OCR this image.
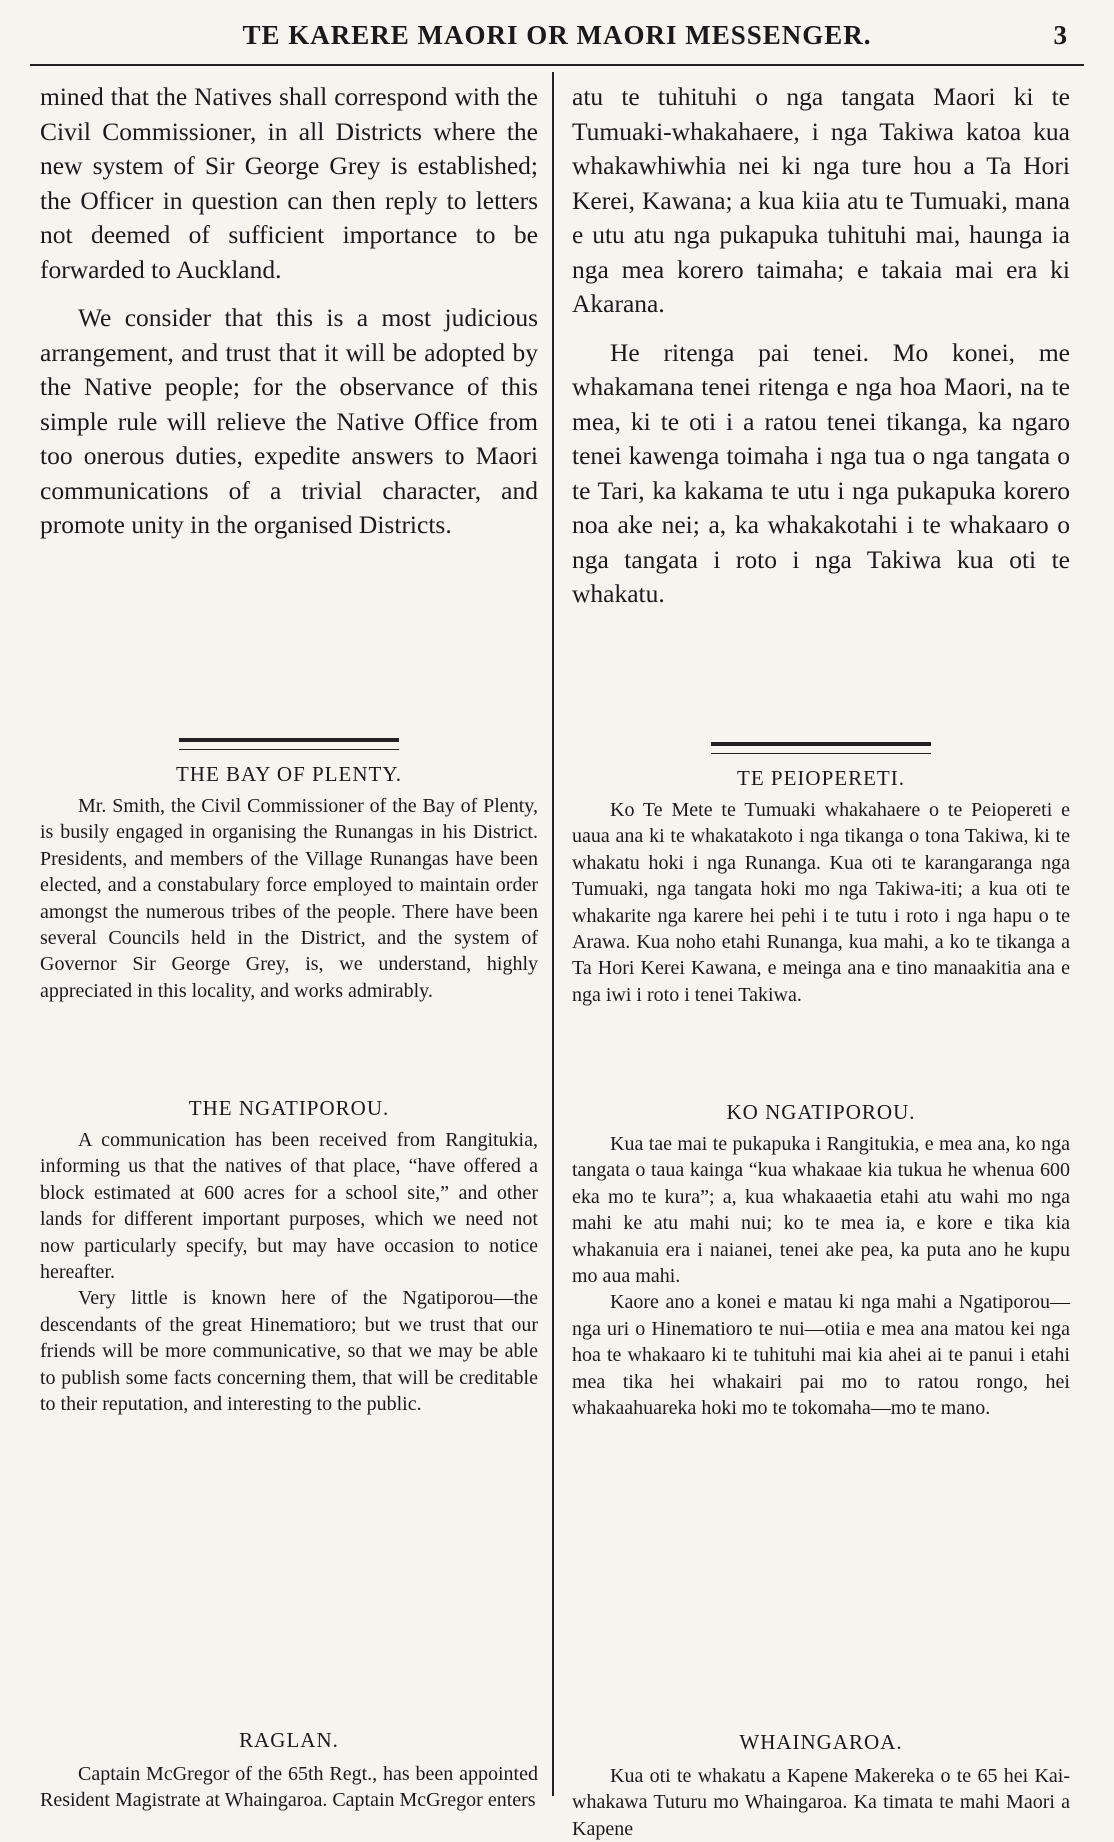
TE KARERE MAORI OR MAORI MESSENGER.	3

mined that the Natives shall correspond with the Civil Commissioner, in all Districts where the new system of Sir George Grey is established; the Officer in question can then reply to letters not deemed of sufficient importance to be forwarded to Auckland.

We consider that this is a most judicious arrangement, and trust that it will be adopted by the Native people; for the observance of this simple rule will relieve the Native Office from too onerous duties, expedite answers to Maori communications of a trivial character, and promote unity in the organised Districts.

THE BAY OF PLENTY.

Mr. Smith, the Civil Commissioner of the Bay of Plenty, is busily engaged in organising the Runangas in his District. Presidents, and members of the Village Runangas have been elected, and a constabulary force employed to maintain order amongst the numerous tribes of the people. There have been several Councils held in the District, and the system of Governor Sir George Grey, is, we understand, highly appreciated in this locality, and works admirably.

THE NGATIPOROU.

A communication has been received from Rangitukia, informing us that the natives of that place, “have offered a block estimated at 600 acres for a school site,” and other lands for different important purposes, which we need not now particularly specify, but may have occasion to notice hereafter.

Very little is known here of the Ngatiporou—the descendants of the great Hinematioro; but we trust that our friends will be more communicative, so that we may be able to publish some facts concerning them, that will be creditable to their reputation, and interesting to the public.

RAGLAN.

Captain McGregor of the 65th Regt., has been appointed Resident Magistrate at Whaingaroa. Captain McGregor enters

atu te tuhituhi o nga tangata Maori ki te Tumuaki-whakahaere, i nga Takiwa katoa kua whakawhiwhia nei ki nga ture hou a Ta Hori Kerei, Kawana; a kua kiia atu te Tumuaki, mana e utu atu nga pukapuka tuhituhi mai, haunga ia nga mea korero taimaha; e takaia mai era ki Akarana.

He ritenga pai tenei. Mo konei, me whakamana tenei ritenga e nga hoa Maori, na te mea, ki te oti i a ratou tenei tikanga, ka ngaro tenei kawenga toimaha i nga tua o nga tangata o te Tari, ka kakama te utu i nga pukapuka korero noa ake nei; a, ka whakakotahi i te whakaaro o nga tangata i roto i nga Takiwa kua oti te whakatu.

TE PEIOPERETI.

Ko Te Mete te Tumuaki whakahaere o te Peiopereti e uaua ana ki te whakatakoto i nga tikanga o tona Takiwa, ki te whakatu hoki i nga Runanga. Kua oti te karangaranga nga Tumuaki, nga tangata hoki mo nga Takiwa-iti; a kua oti te whakarite nga karere hei pehi i te tutu i roto i nga hapu o te Arawa. Kua noho etahi Runanga, kua mahi, a ko te tikanga a Ta Hori Kerei Kawana, e meinga ana e tino manaakitia ana e nga iwi i roto i tenei Takiwa.

KO NGATIPOROU.

Kua tae mai te pukapuka i Rangitukia, e mea ana, ko nga tangata o taua kainga “kua whakaae kia tukua he whenua 600 eka mo te kura”; a, kua whakaaetia etahi atu wahi mo nga mahi ke atu mahi nui; ko te mea ia, e kore e tika kia whakanuia era i naianei, tenei ake pea, ka puta ano he kupu mo aua mahi.

Kaore ano a konei e matau ki nga mahi a Ngatiporou—nga uri o Hinematioro te nui—otiia e mea ana matou kei nga hoa te whakaaro ki te tuhituhi mai kia ahei ai te panui i etahi mea tika hei whakairi pai mo to ratou rongo, hei whakaahuareka hoki mo te tokomaha—mo te mano.

WHAINGAROA.

Kua oti te whakatu a Kapene Makereka o te 65 hei Kai-whakawa Tuturu mo Whaingaroa. Ka timata te mahi Maori a Kapene
